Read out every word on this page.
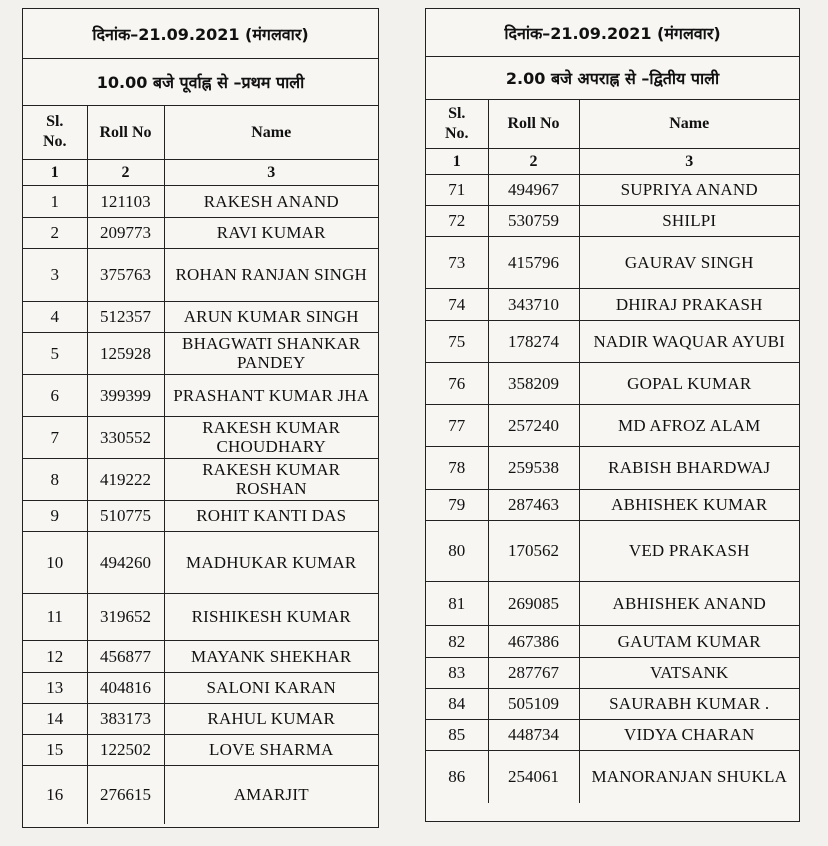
दिनांक–21.09.2021 (मंगलवार)
10.00 बजे पूर्वाह्न से –प्रथम पाली
Sl. No.	Roll No	Name
1	2	3
1	121103	RAKESH ANAND
2	209773	RAVI KUMAR
3	375763	ROHAN RANJAN SINGH
4	512357	ARUN KUMAR SINGH
5	125928	BHAGWATI SHANKAR PANDEY
6	399399	PRASHANT KUMAR JHA
7	330552	RAKESH KUMAR CHOUDHARY
8	419222	RAKESH KUMAR ROSHAN
9	510775	ROHIT KANTI DAS
10	494260	MADHUKAR KUMAR
11	319652	RISHIKESH KUMAR
12	456877	MAYANK SHEKHAR
13	404816	SALONI KARAN
14	383173	RAHUL KUMAR
15	122502	LOVE SHARMA
16	276615	AMARJIT
दिनांक–21.09.2021 (मंगलवार)
2.00 बजे अपराह्न से –द्वितीय पाली
Sl. No.	Roll No	Name
1	2	3
71	494967	SUPRIYA ANAND
72	530759	SHILPI
73	415796	GAURAV SINGH
74	343710	DHIRAJ PRAKASH
75	178274	NADIR WAQUAR AYUBI
76	358209	GOPAL KUMAR
77	257240	MD AFROZ ALAM
78	259538	RABISH BHARDWAJ
79	287463	ABHISHEK KUMAR
80	170562	VED PRAKASH
81	269085	ABHISHEK ANAND
82	467386	GAUTAM KUMAR
83	287767	VATSANK
84	505109	SAURABH KUMAR .
85	448734	VIDYA CHARAN
86	254061	MANORANJAN SHUKLA
